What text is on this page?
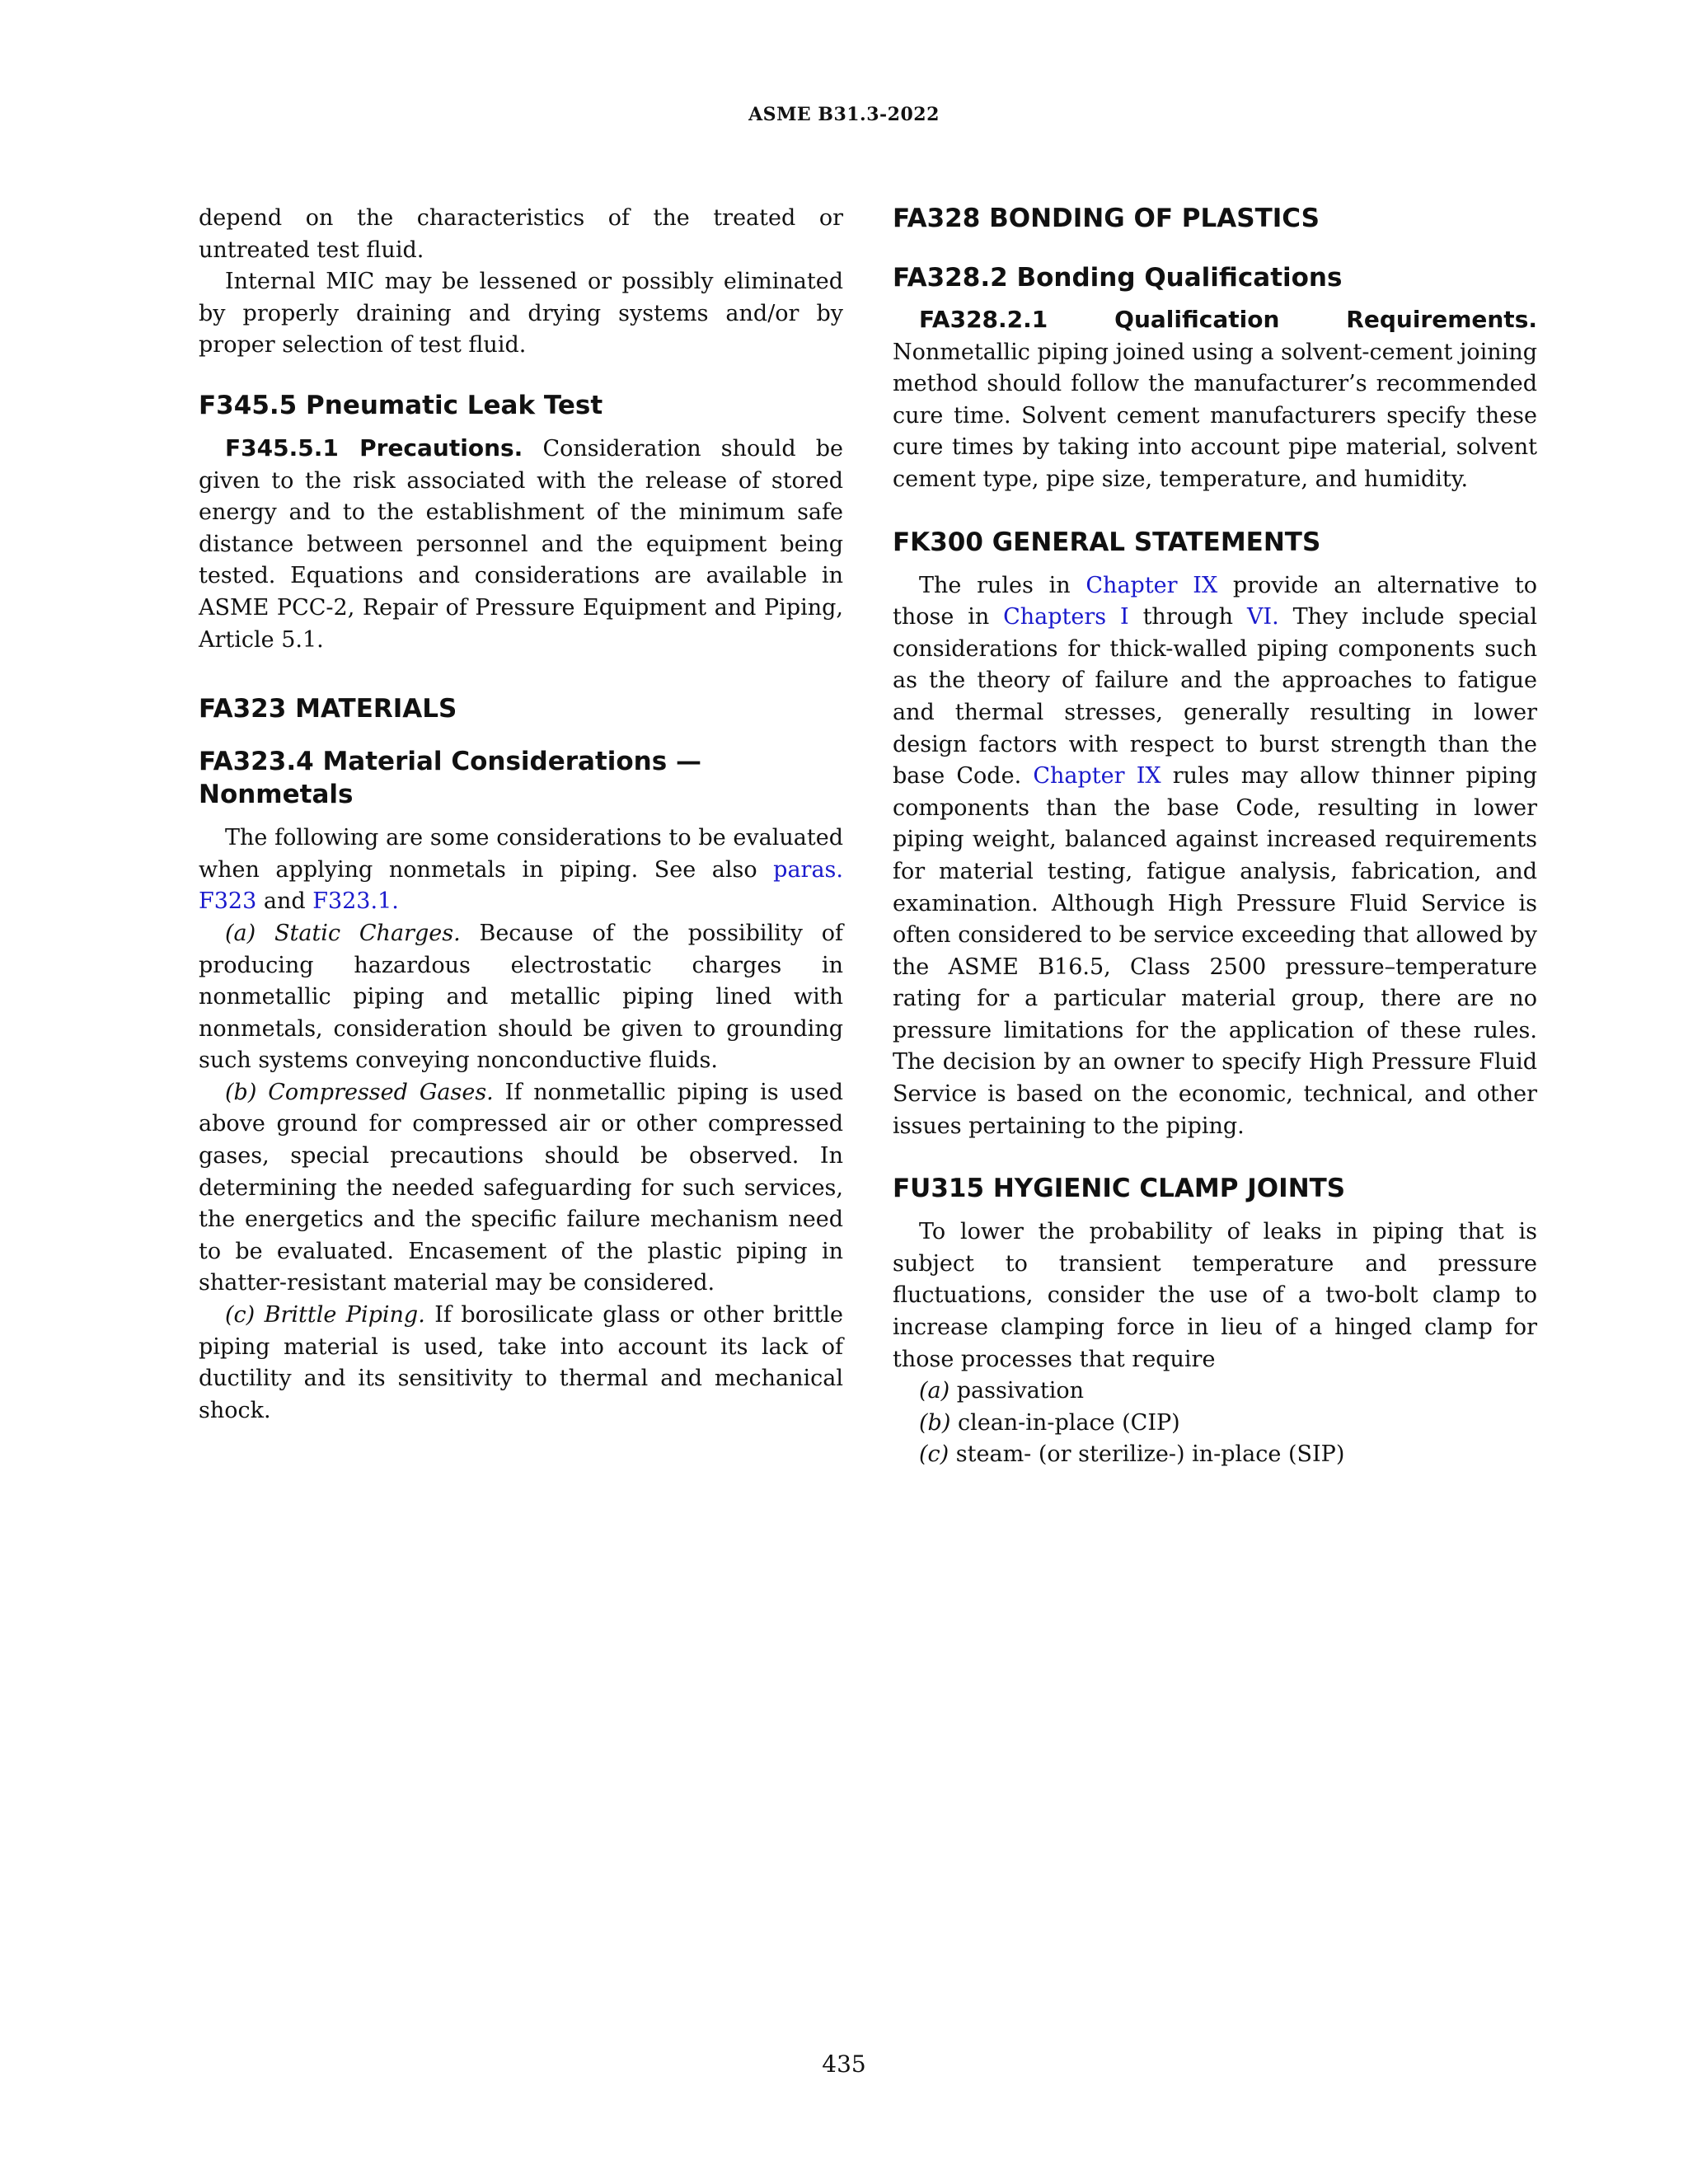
ASME B31.3-2022

depend on the characteristics of the treated or untreated test fluid.

Internal MIC may be lessened or possibly eliminated by properly draining and drying systems and/or by proper selection of test fluid.

F345.5 Pneumatic Leak Test

F345.5.1 Precautions. Consideration should be given to the risk associated with the release of stored energy and to the establishment of the minimum safe distance between personnel and the equipment being tested. Equations and considerations are available in ASME PCC-2, Repair of Pressure Equipment and Piping, Article 5.1.

FA323 MATERIALS
FA323.4 Material Considerations — Nonmetals

The following are some considerations to be evaluated when applying nonmetals in piping. See also paras. F323 and F323.1.

(a) Static Charges. Because of the possibility of producing hazardous electrostatic charges in nonmetallic piping and metallic piping lined with nonmetals, consideration should be given to grounding such systems conveying nonconductive fluids.

(b) Compressed Gases. If nonmetallic piping is used above ground for compressed air or other compressed gases, special precautions should be observed. In determining the needed safeguarding for such services, the energetics and the specific failure mechanism need to be evaluated. Encasement of the plastic piping in shatter-resistant material may be considered.

(c) Brittle Piping. If borosilicate glass or other brittle piping material is used, take into account its lack of ductility and its sensitivity to thermal and mechanical shock.

FA328 BONDING OF PLASTICS
FA328.2 Bonding Qualifications

FA328.2.1 Qualification Requirements. Nonmetallic piping joined using a solvent-cement joining method should follow the manufacturer’s recommended cure time. Solvent cement manufacturers specify these cure times by taking into account pipe material, solvent cement type, pipe size, temperature, and humidity.

FK300 GENERAL STATEMENTS

The rules in Chapter IX provide an alternative to those in Chapters I through VI. They include special considerations for thick-walled piping components such as the theory of failure and the approaches to fatigue and thermal stresses, generally resulting in lower design factors with respect to burst strength than the base Code. Chapter IX rules may allow thinner piping components than the base Code, resulting in lower piping weight, balanced against increased requirements for material testing, fatigue analysis, fabrication, and examination. Although High Pressure Fluid Service is often considered to be service exceeding that allowed by the ASME B16.5, Class 2500 pressure–temperature rating for a particular material group, there are no pressure limitations for the application of these rules. The decision by an owner to specify High Pressure Fluid Service is based on the economic, technical, and other issues pertaining to the piping.

FU315 HYGIENIC CLAMP JOINTS

To lower the probability of leaks in piping that is subject to transient temperature and pressure fluctuations, consider the use of a two-bolt clamp to increase clamping force in lieu of a hinged clamp for those processes that require

(a) passivation
(b) clean-in-place (CIP)
(c) steam- (or sterilize-) in-place (SIP)
435
